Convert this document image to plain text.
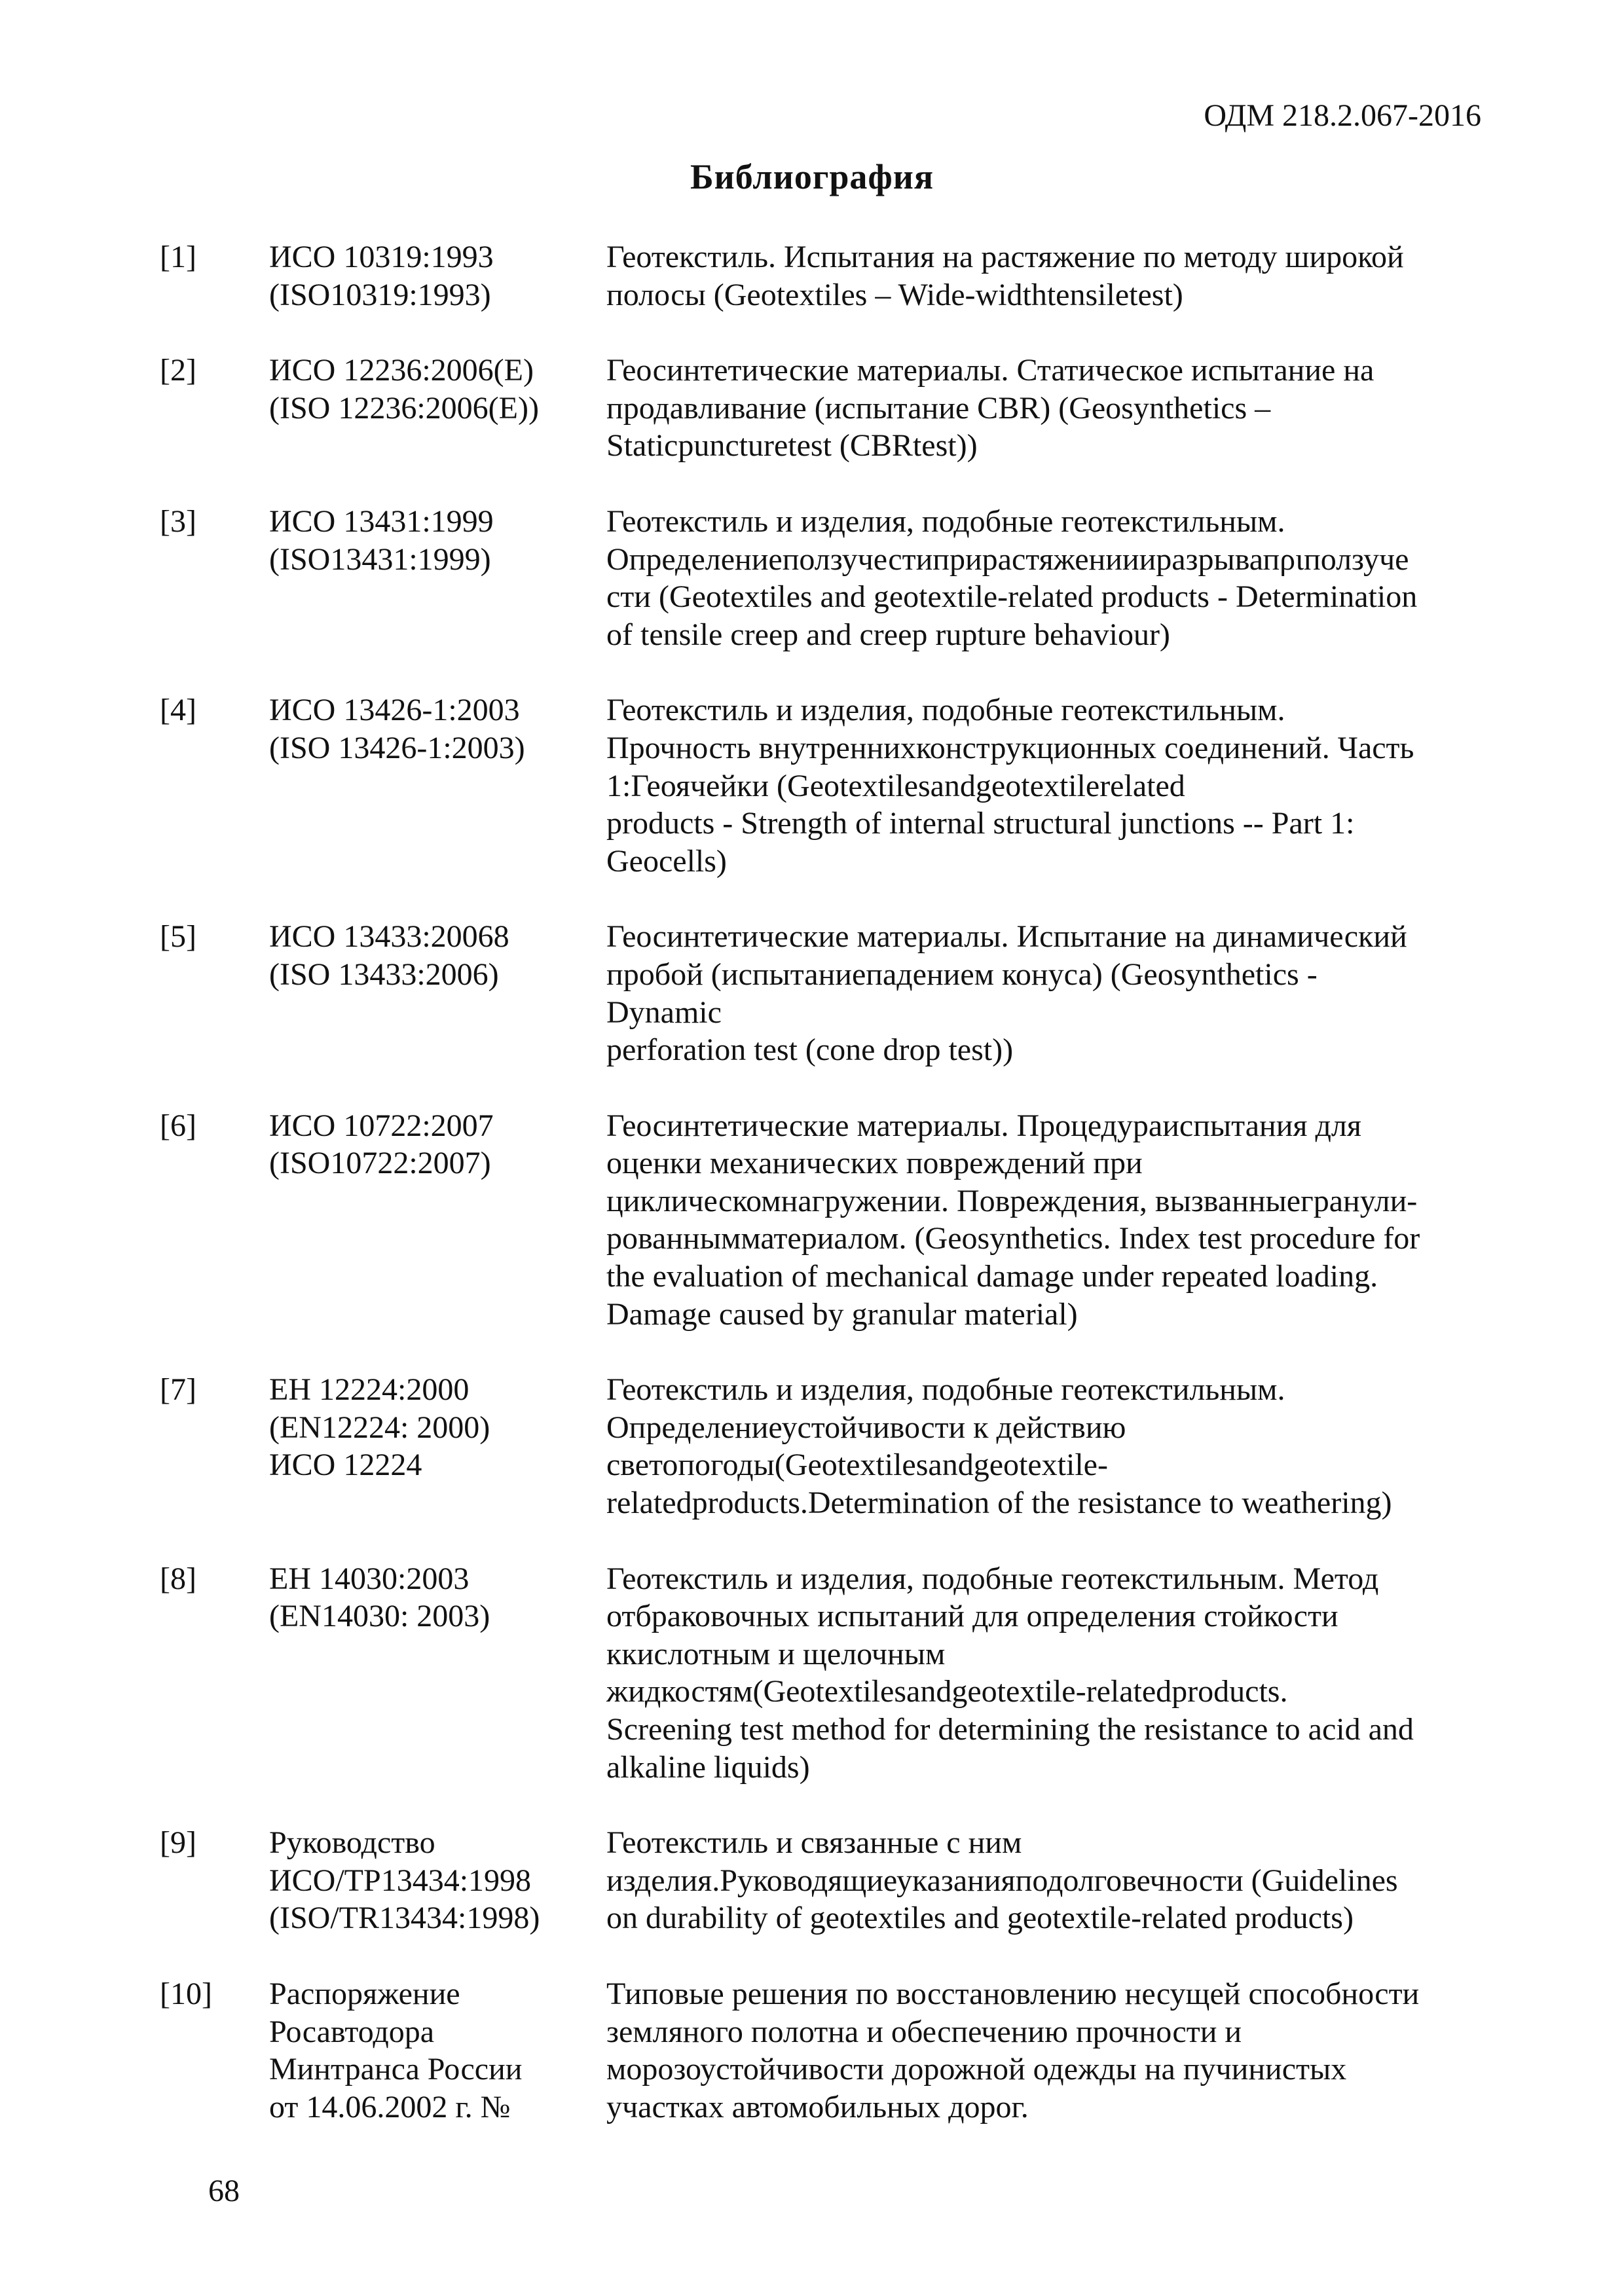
ОДМ 218.2.067-2016
Библиография
[1] ИСО 10319:1993
(ISO10319:1993)
Геотекстиль. Испытания на растяжение по методу широкой
полосы (Geotextiles – Wide-widthtensiletest)
[2] ИСО 12236:2006(E)
(ISO 12236:2006(E))
Геосинтетические материалы. Статическое испытание на
продавливание (испытание CBR) (Geosynthetics –
Staticpuncturetest (CBRtest))
[3] ИСО 13431:1999
(ISO13431:1999)
Геотекстиль и изделия, подобные геотекстильным.
Определениеползучестиприрастяжениииразрывапριползуче
сти (Geotextiles and geotextile-related products - Determination
of tensile creep and creep rupture behaviour)
[4] ИСО 13426-1:2003
(ISO 13426-1:2003)
Геотекстиль и изделия, подобные геотекстильным.
Прочность внутреннихконструкционных соединений. Часть
1:Геоячейки (Geotextilesandgeotextilerelated
products - Strength of internal structural junctions -- Part 1:
Geocells)
[5] ИСО 13433:20068
(ISO 13433:2006)
Геосинтетические материалы. Испытание на динамический
пробой (испытаниепадением конуса) (Geosynthetics -
Dynamic
perforation test (cone drop test))
[6] ИСО 10722:2007
(ISO10722:2007)
Геосинтетические материалы. Процедураиспытания для
оценки механических повреждений при
циклическомнагружении. Повреждения, вызванныегранули-
рованнымматериалом. (Geosynthetics. Index test procedure for
the evaluation of mechanical damage under repeated loading.
Damage caused by granular material)
[7] ЕН 12224:2000
(EN12224: 2000)
ИСО 12224
Геотекстиль и изделия, подобные геотекстильным.
Определениеустойчивости к действию
светопогоды(Geotextilesandgeotextile-
relatedproducts.Determination of the resistance to weathering)
[8] ЕН 14030:2003
(EN14030: 2003)
Геотекстиль и изделия, подобные геотекстильным. Метод
отбраковочных испытаний для определения стойкости
ккислотным и щелочным
жидкостям(Geotextilesandgeotextile-relatedproducts.
Screening test method for determining the resistance to acid and
alkaline liquids)
[9] Руководство
ИСО/ТР13434:1998
(ISO/TR13434:1998)
Геотекстиль и связанные с ним
изделия.Руководящиеуказанияподолговечности (Guidelines
on durability of geotextiles and geotextile-related products)
[10] Распоряжение
Росавтодора
Минтранса России
от 14.06.2002 г. №
Типовые решения по восстановлению несущей способности
земляного полотна и обеспечению прочности и
морозоустойчивости дорожной одежды на пучинистых
участках автомобильных дорог.
68
